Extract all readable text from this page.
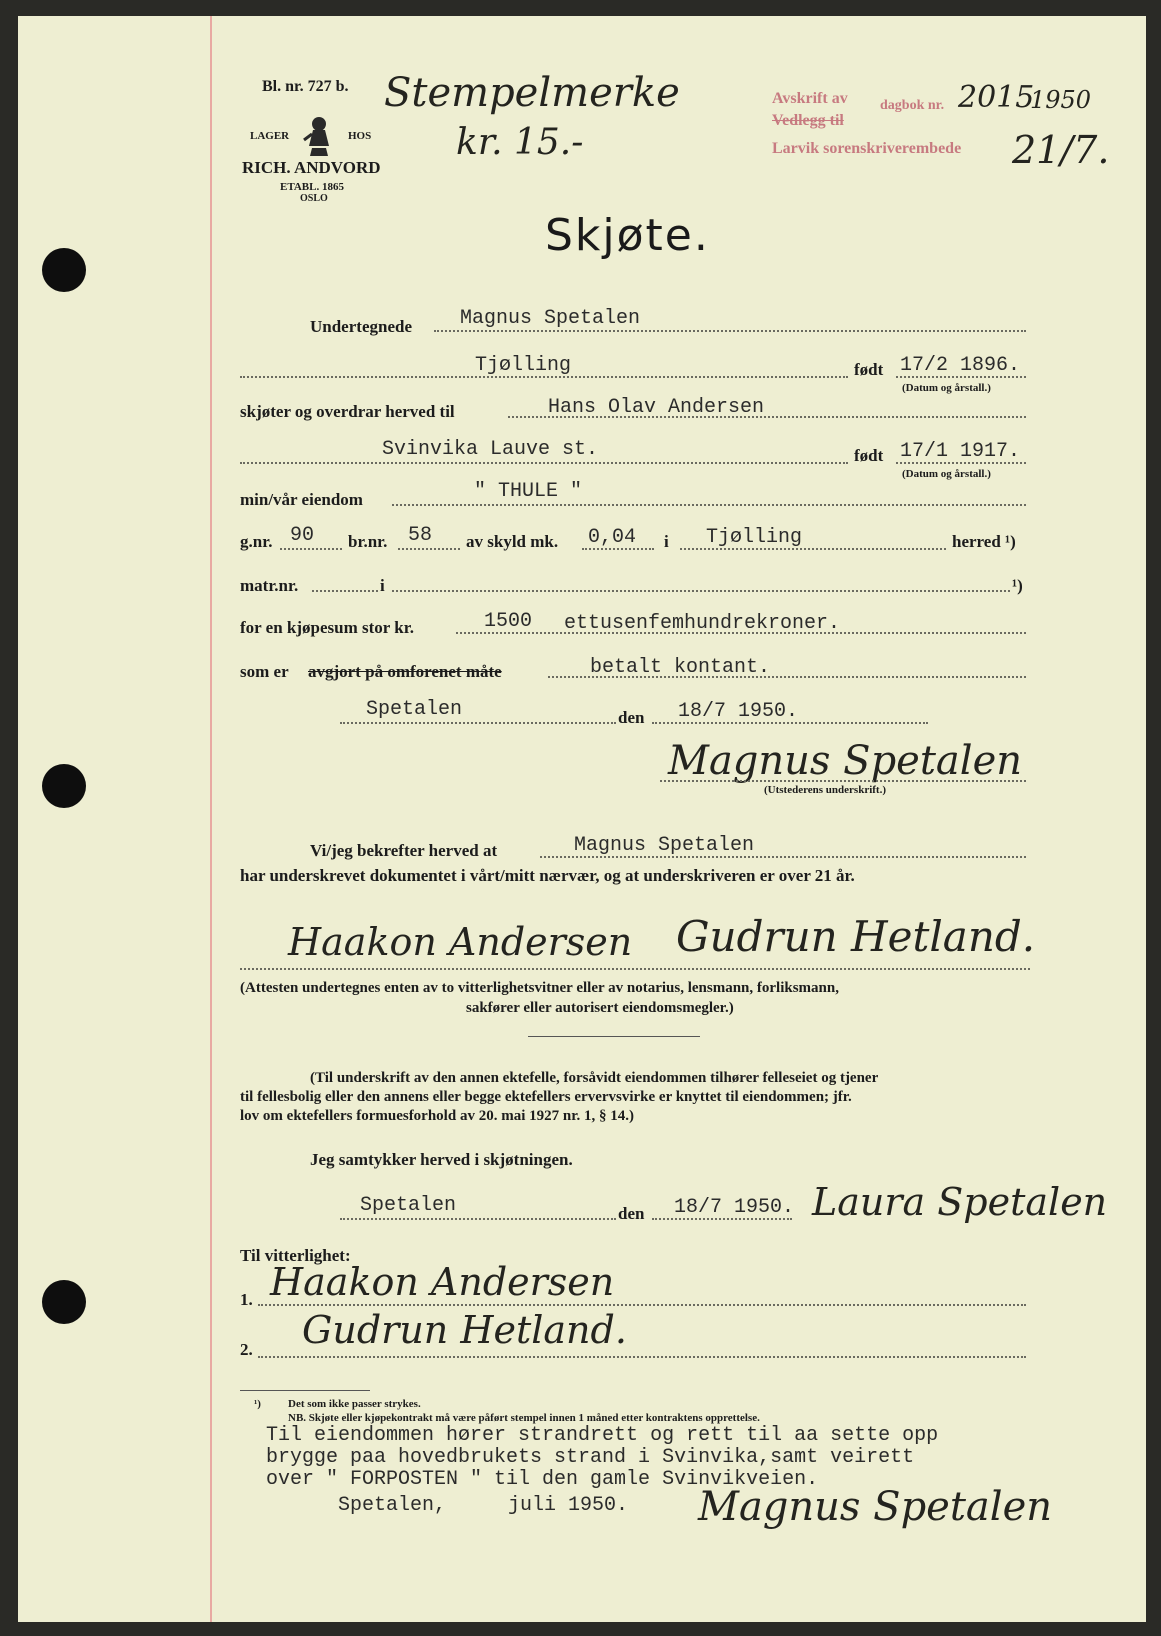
Bl. nr. 727 b.
LAGER	HOS
RICH. ANDVORD
ETABL. 1865
OSLO
Stempelmerke
kr. 15.-
Avskrift av dagbok nr. 2015
1950
Vedlegg til
Larvik sorenskriverembede 21/7.
Skjøte.
Undertegnede Magnus Spetalen
Tjølling	født 17/2 1896.
(Datum og årstall.)
skjøter og overdrar herved til	Hans Olav Andersen
Svinvika Lauve st.	født 17/1 1917.
(Datum og årstall.)
min/vår eiendom	" THULE "
g.nr. 90 br.nr. 58 av skyld mk. 0,04 i Tjølling	herred ¹)
matr.nr.	i	¹)
for en kjøpesum stor kr.	1500 ettusenfemhundrekroner.
som er avgjort på omforenet måte	betalt kontant.
Spetalen	den 18/7 1950.
Magnus Spetalen
(Utstederens underskrift.)
Vi/jeg bekrefter herved at	Magnus Spetalen
har underskrevet dokumentet i vårt/mitt nærvær, og at underskriveren er over 21 år.
Haakon Andersen Gudrun Hetland.
(Attesten undertegnes enten av to vitterlighetsvitner eller av notarius, lensmann, forliksmann,
sakfører eller autorisert eiendomsmegler.)
(Til underskrift av den annen ektefelle, forsåvidt eiendommen tilhører felleseiet og tjener
til fellesbolig eller den annens eller begge ektefellers ervervsvirke er knyttet til eiendommen; jfr.
lov om ektefellers formuesforhold av 20. mai 1927 nr. 1, § 14.)
Jeg samtykker herved i skjøtningen.
Spetalen	den 18/7 1950. Laura Spetalen
Til vitterlighet:
1. Haakon Andersen
2. Gudrun Hetland.
¹) Det som ikke passer strykes.
NB. Skjøte eller kjøpekontrakt må være påført stempel innen 1 måned etter kontraktens opprettelse.
Til eiendommen hører strandrett og rett til aa sette opp
brygge paa hovedbrukets strand i Svinvika,samt veirett
over " FORPOSTEN " til den gamle Svinvikveien.
Spetalen,	juli 1950. Magnus Spetalen
